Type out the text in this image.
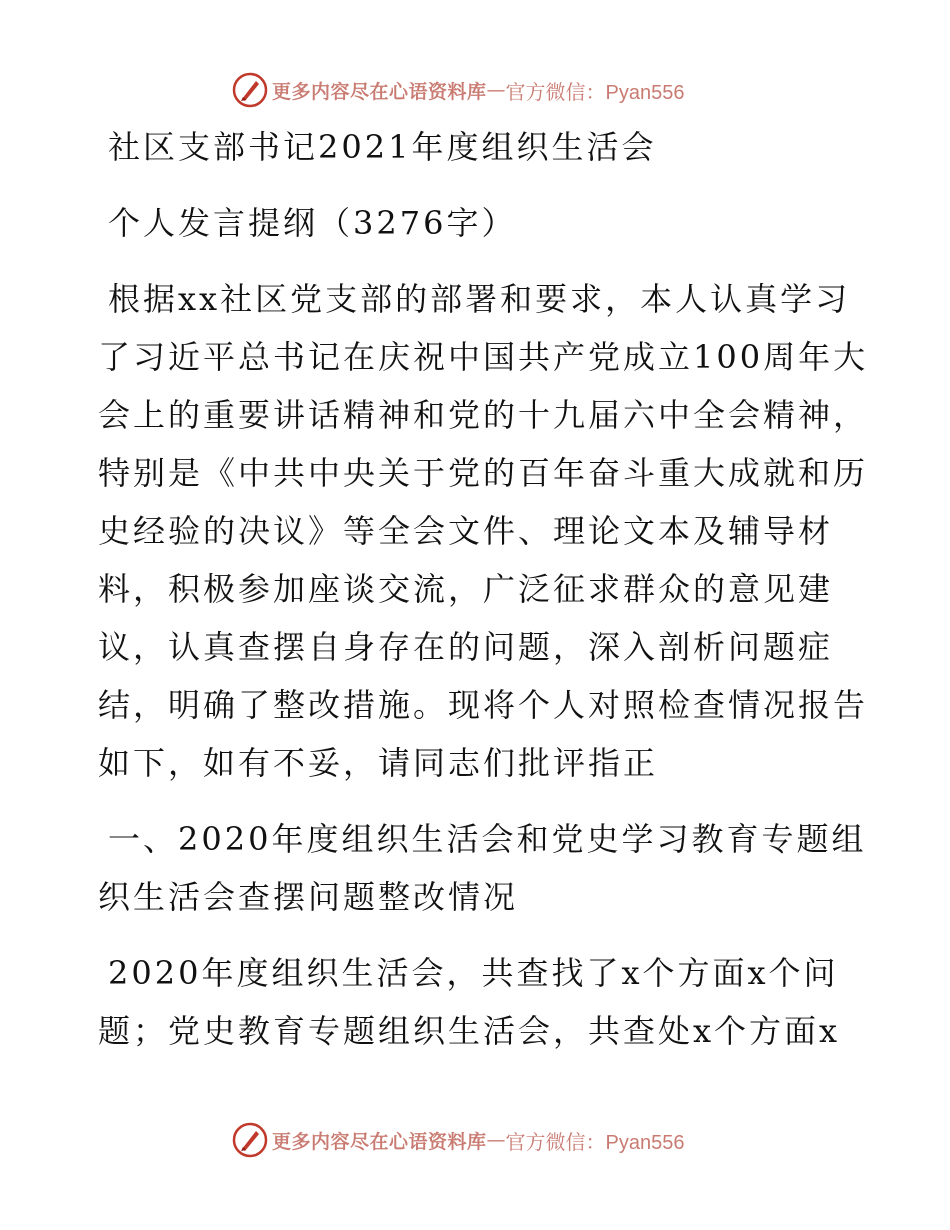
更多内容尽在心语资料库 — 官方微信：Pyan556

社区支部书记2021年度组织生活会

个人发言提纲（3276字）

根据xx社区党支部的部署和要求，本人认真学习

了习近平总书记在庆祝中国共产党成立100周年大

会上的重要讲话精神和党的十九届六中全会精神，

特别是《中共中央关于党的百年奋斗重大成就和历

史经验的决议》等全会文件、理论文本及辅导材

料，积极参加座谈交流，广泛征求群众的意见建

议，认真查摆自身存在的问题，深入剖析问题症

结，明确了整改措施。现将个人对照检查情况报告

如下，如有不妥，请同志们批评指正

一、2020年度组织生活会和党史学习教育专题组

织生活会查摆问题整改情况

2020年度组织生活会，共查找了x个方面x个问

题；党史教育专题组织生活会，共查处x个方面x

更多内容尽在心语资料库 — 官方微信：Pyan556
